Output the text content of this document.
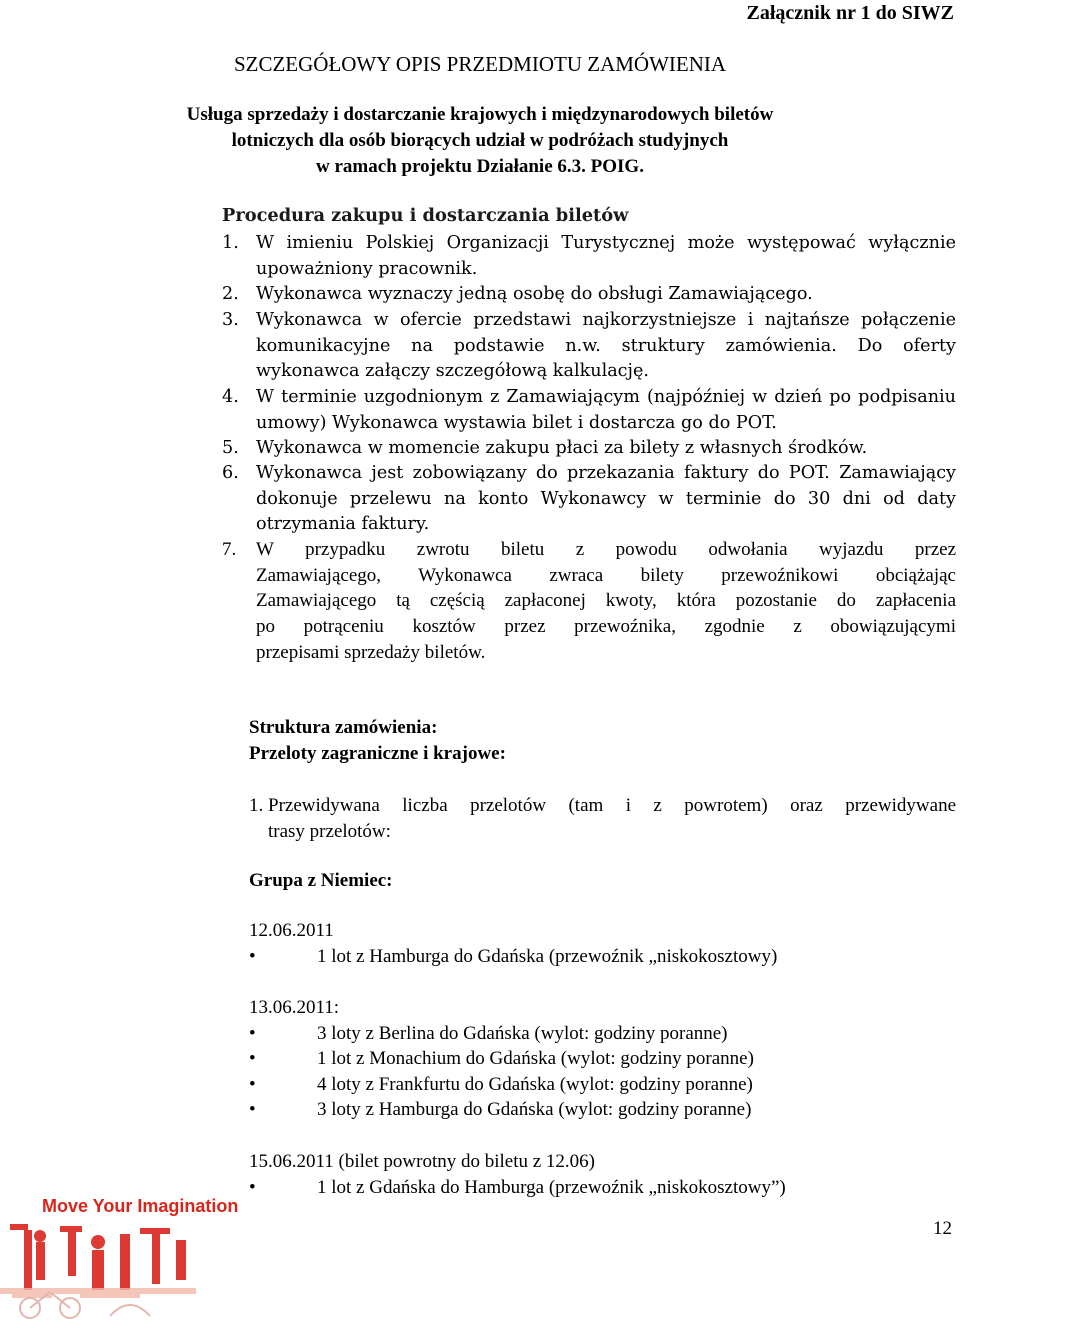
Załącznik nr 1 do SIWZ
SZCZEGÓŁOWY OPIS PRZEDMIOTU ZAMÓWIENIA
Usługa sprzedaży i dostarczanie krajowych i międzynarodowych biletów
lotniczych dla osób biorących udział w podróżach studyjnych
w ramach projektu Działanie 6.3. POIG.
Procedura zakupu i dostarczania biletów
1. W imieniu Polskiej Organizacji Turystycznej może występować wyłącznie
upoważniony pracownik.
2. Wykonawca wyznaczy jedną osobę do obsługi Zamawiającego.
3. Wykonawca w ofercie przedstawi najkorzystniejsze i najtańsze połączenie
komunikacyjne na podstawie n.w. struktury zamówienia. Do oferty
wykonawca załączy szczegółową kalkulację.
4. W terminie uzgodnionym z Zamawiającym (najpóźniej w dzień po podpisaniu
umowy) Wykonawca wystawia bilet i dostarcza go do POT.
5. Wykonawca w momencie zakupu płaci za bilety z własnych środków.
6. Wykonawca jest zobowiązany do przekazania faktury do POT. Zamawiający
dokonuje przelewu na konto Wykonawcy w terminie do 30 dni od daty
otrzymania faktury.
7. W przypadku zwrotu biletu z powodu odwołania wyjazdu przez
Zamawiającego, Wykonawca zwraca bilety przewoźnikowi obciążając
Zamawiającego tą częścią zapłaconej kwoty, która pozostanie do zapłacenia
po potrąceniu kosztów przez przewoźnika, zgodnie z obowiązującymi
przepisami sprzedaży biletów.
Struktura zamówienia:
Przeloty zagraniczne i krajowe:
1. Przewidywana liczba przelotów (tam i z powrotem) oraz przewidywane
trasy przelotów:
Grupa z Niemiec:
12.06.2011
•	1 lot z Hamburga do Gdańska (przewoźnik „niskokosztowy)
13.06.2011:
•	3 loty z Berlina do Gdańska (wylot: godziny poranne)
•	1 lot z Monachium do Gdańska (wylot: godziny poranne)
•	4 loty z Frankfurtu do Gdańska (wylot: godziny poranne)
•	3 loty z Hamburga do Gdańska (wylot: godziny poranne)
15.06.2011 (bilet powrotny do biletu z 12.06)
•	1 lot z Gdańska do Hamburga (przewoźnik „niskokosztowy”)
Move Your Imagination
12
